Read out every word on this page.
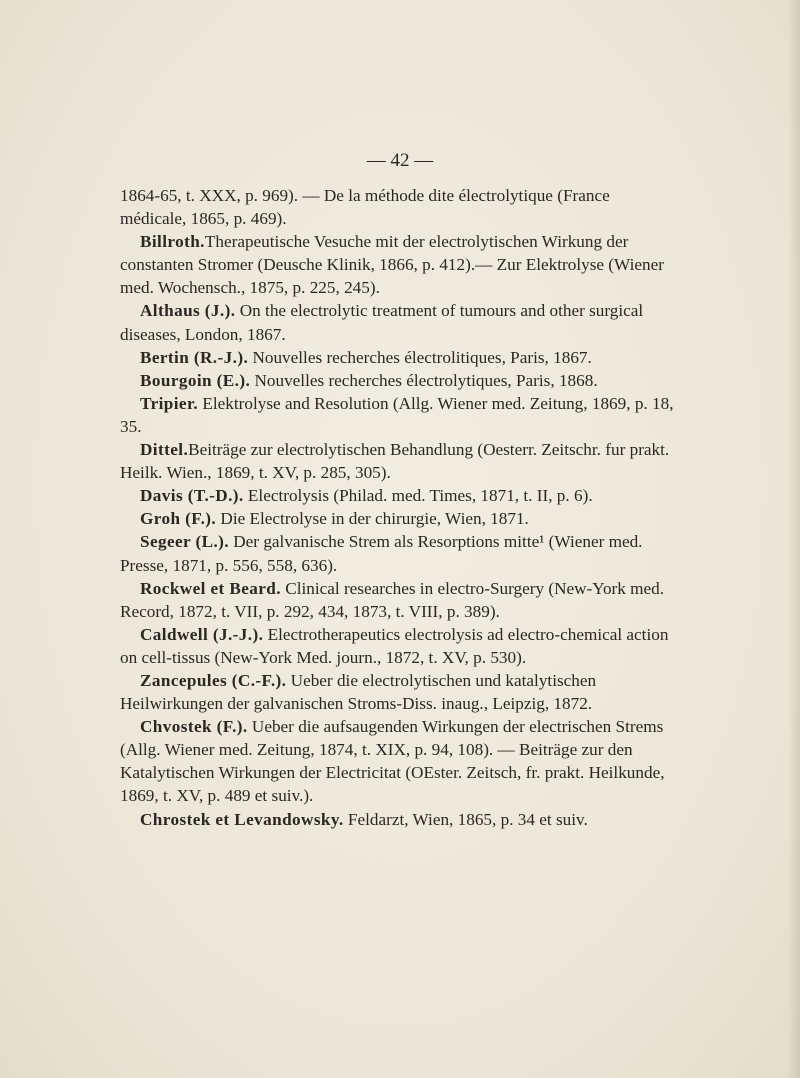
— 42 —

1864-65, t. XXX, p. 969). — De la méthode dite électrolytique (France médicale, 1865, p. 469).

Billroth.Therapeutische Vesuche mit der electrolytischen Wirkung der constanten Stromer (Deusche Klinik, 1866, p. 412).— Zur Elektrolyse (Wiener med. Wochensch., 1875, p. 225, 245).

Althaus (J.). On the electrolytic treatment of tumours and other surgical diseases, London, 1867.

Bertin (R.-J.). Nouvelles recherches électrolitiques, Paris, 1867.

Bourgoin (E.). Nouvelles recherches électrolytiques, Paris, 1868.

Tripier. Elektrolyse and Resolution (Allg. Wiener med. Zeitung, 1869, p. 18, 35.

Dittel.Beiträge zur electrolytischen Behandlung (Oesterr. Zeitschr. fur prakt. Heilk. Wien., 1869, t. XV, p. 285, 305).

Davis (T.-D.). Electrolysis (Philad. med. Times, 1871, t. II, p. 6).

Groh (F.). Die Electrolyse in der chirurgie, Wien, 1871.

Segeer (L.). Der galvanische Strem als Resorptions mitte¹ (Wiener med. Presse, 1871, p. 556, 558, 636).

Rockwel et Beard. Clinical researches in electro-Surgery (New-York med. Record, 1872, t. VII, p. 292, 434, 1873, t. VIII, p. 389).

Caldwell (J.-J.). Electrotherapeutics electrolysis ad electro-chemical action on cell-tissus (New-York Med. journ., 1872, t. XV, p. 530).

Zancepules (C.-F.). Ueber die electrolytischen und katalytischen Heilwirkungen der galvanischen Stroms-Diss. inaug., Leipzig, 1872.

Chvostek (F.). Ueber die aufsaugenden Wirkungen der electrischen Strems (Allg. Wiener med. Zeitung, 1874, t. XIX, p. 94, 108). — Beiträge zur den Katalytischen Wirkungen der Electricitat (OEster. Zeitsch, fr. prakt. Heilkunde, 1869, t. XV, p. 489 et suiv.).

Chrostek et Levandowsky. Feldarzt, Wien, 1865, p. 34 et suiv.
